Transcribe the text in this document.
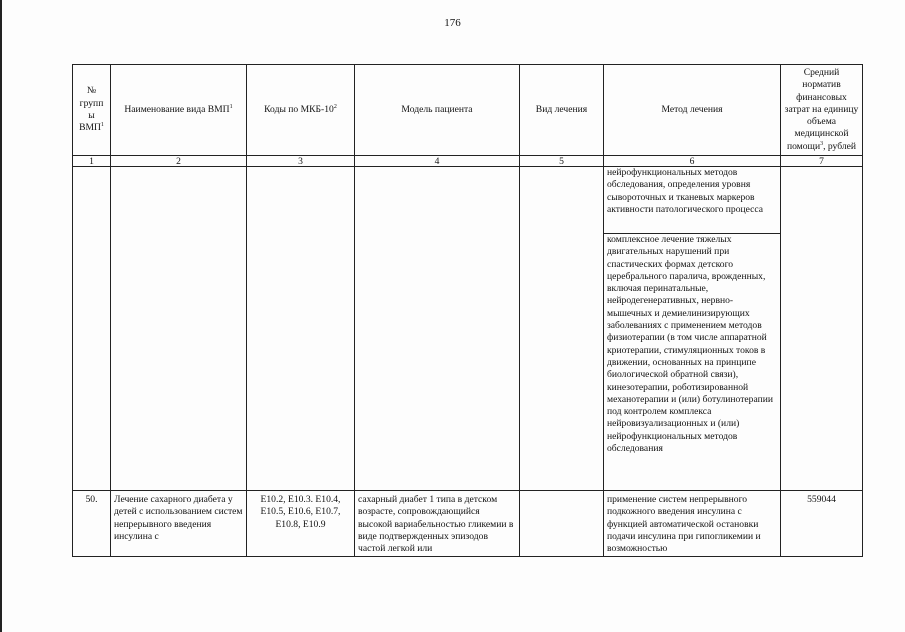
176
№ групп ы ВМП$^1$	Наименование вида ВМП$^1$	Коды по МКБ-$10^2$	Модель пациента	Вид лечения	Метод лечения	Средний норматив финансовых затрат на единицу объема медицинской помощи$^3$, рублей
1	2	3	4	5	6	7
					нейрофункциональных методов обследования, определения уровня сывороточных и тканевых маркеров активности патологического процесса	
					комплексное лечение тяжелых двигательных нарушений при спастических формах детского церебрального паралича, врожденных, включая перинатальные, нейродегенеративных, нервно-мышечных и демиелинизирующих заболеваниях с применением методов физиотерапии (в том числе аппаратной криотерапии, стимуляционных токов в движении, основанных на принципе биологической обратной связи), кинезотерапии, роботизированной механотерапии и (или) ботулинотерапии под контролем комплекса нейровизуализационных и (или) нейрофункциональных методов обследования	
50.	Лечение сахарного диабета у детей с использованием систем непрерывного введения инсулина с	E10.2, E10.3. E10.4, E10.5, E10.6, E10.7, E10.8, E10.9	сахарный диабет 1 типа в детском возрасте, сопровождающийся высокой вариабельностью гликемии в виде подтвержденных эпизодов частой легкой или		применение систем непрерывного подкожного введения инсулина с функцией автоматической остановки подачи инсулина при гипогликемии и возможностью	559044
